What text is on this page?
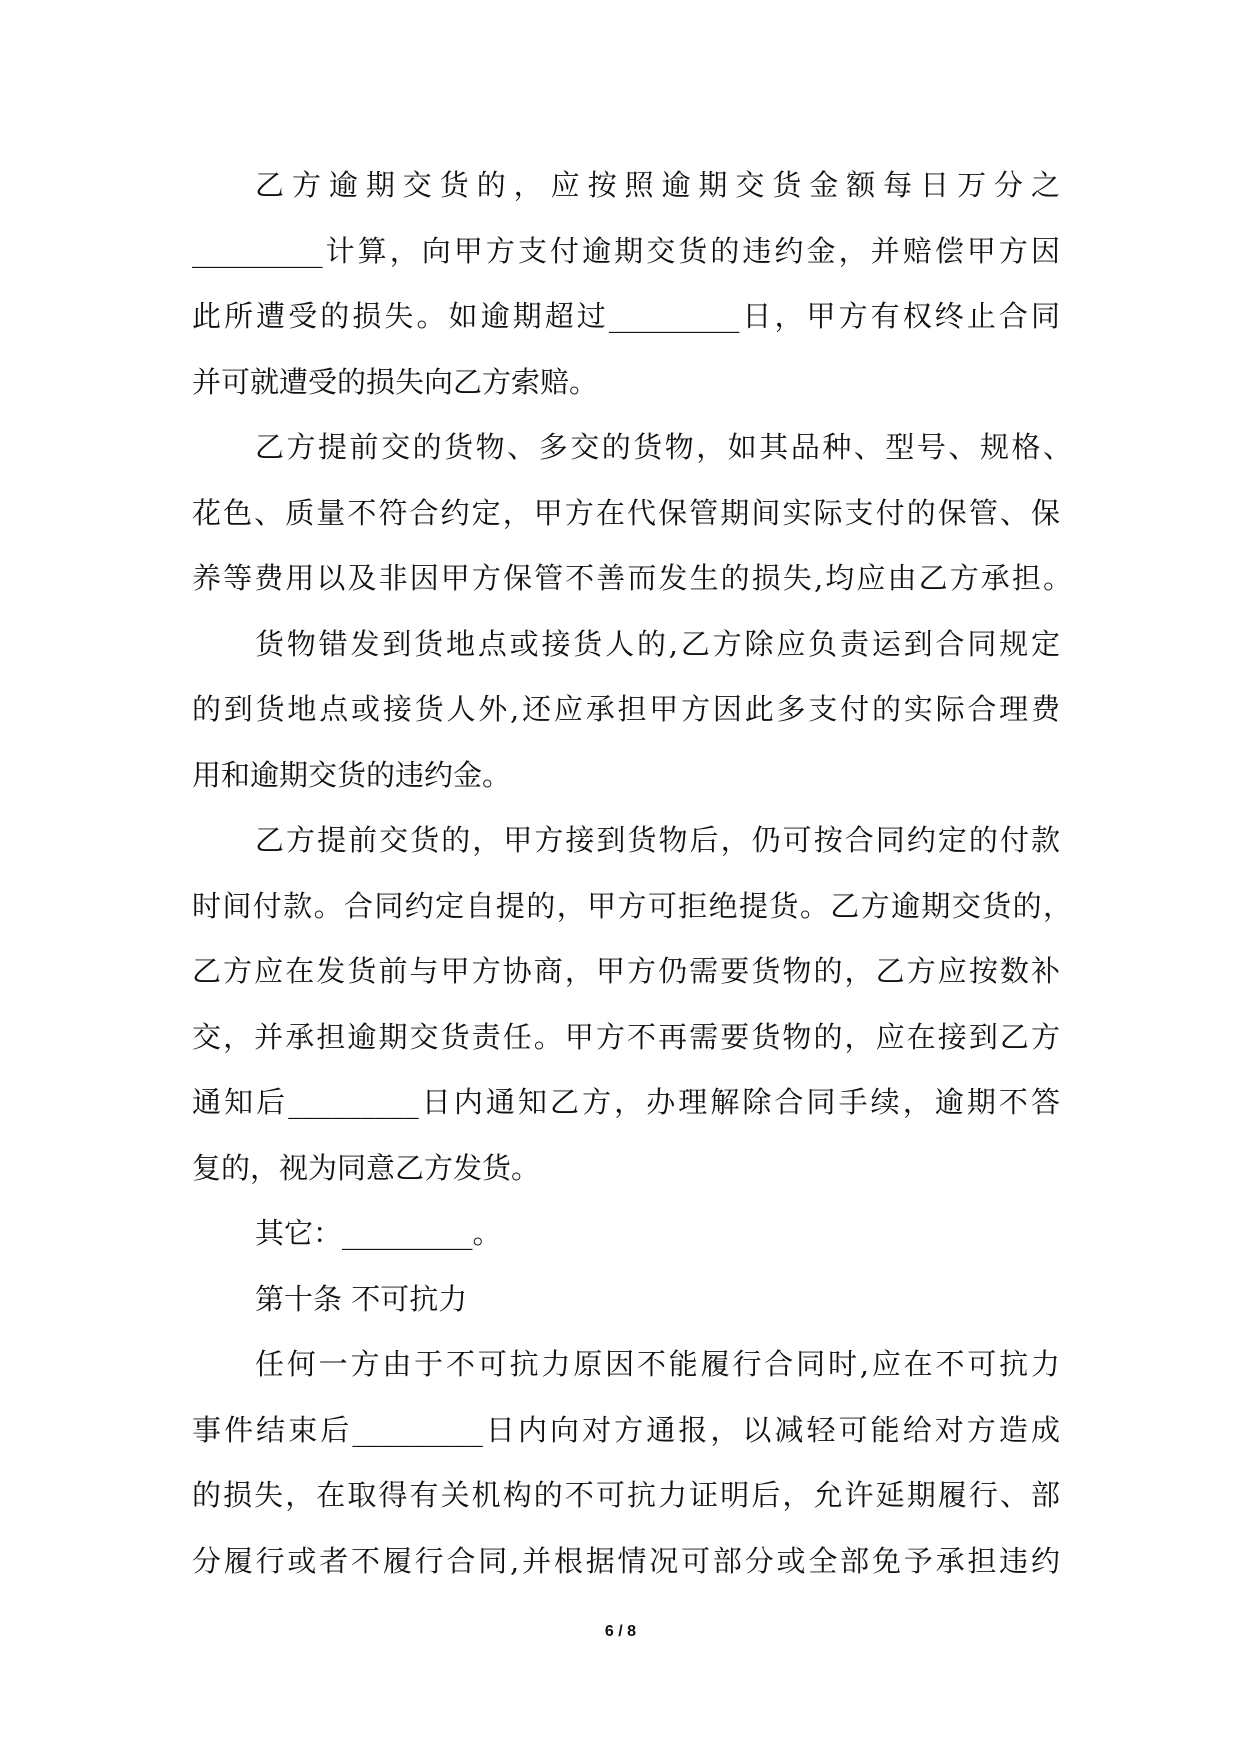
乙方逾期交货的，应按照逾期交货金额每日万分之
_________计算，向甲方支付逾期交货的违约金，并赔偿甲方因
此所遭受的损失。如逾期超过_________日，甲方有权终止合同
并可就遭受的损失向乙方索赔。
乙方提前交的货物、多交的货物，如其品种、型号、规格、
花色、质量不符合约定，甲方在代保管期间实际支付的保管、保
养等费用以及非因甲方保管不善而发生的损失,均应由乙方承担。
货物错发到货地点或接货人的,乙方除应负责运到合同规定
的到货地点或接货人外,还应承担甲方因此多支付的实际合理费
用和逾期交货的违约金。
乙方提前交货的，甲方接到货物后，仍可按合同约定的付款
时间付款。合同约定自提的，甲方可拒绝提货。乙方逾期交货的，
乙方应在发货前与甲方协商，甲方仍需要货物的，乙方应按数补
交，并承担逾期交货责任。甲方不再需要货物的，应在接到乙方
通知后_________日内通知乙方，办理解除合同手续，逾期不答
复的，视为同意乙方发货。
其它：_________。
第十条 不可抗力
任何一方由于不可抗力原因不能履行合同时,应在不可抗力
事件结束后_________日内向对方通报，以减轻可能给对方造成
的损失，在取得有关机构的不可抗力证明后，允许延期履行、部
分履行或者不履行合同,并根据情况可部分或全部免予承担违约
6 / 8
